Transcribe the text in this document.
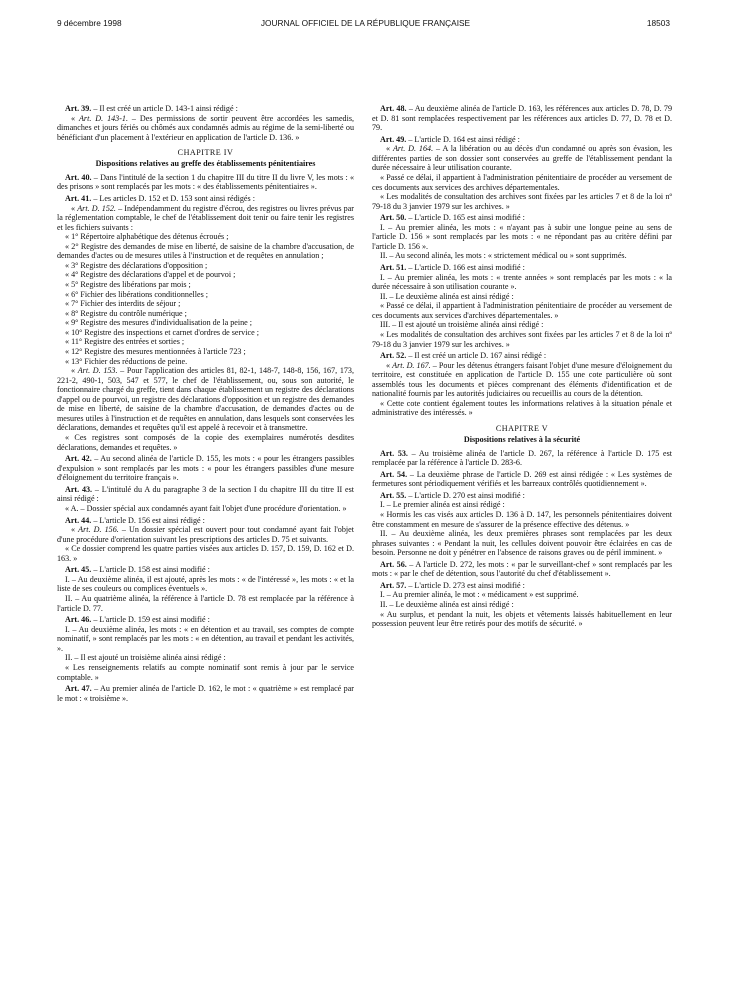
9 décembre 1998	JOURNAL OFFICIEL DE LA RÉPUBLIQUE FRANÇAISE	18503

Art. 39. – Il est créé un article D. 143-1 ainsi rédigé :

« Art. D. 143-1. – Des permissions de sortir peuvent être accordées les samedis, dimanches et jours fériés ou chômés aux condamnés admis au régime de la semi-liberté ou bénéficiant d'un placement à l'extérieur en application de l'article D. 136. »

CHAPITRE IV
Dispositions relatives au greffe des établissements pénitentiaires

Art. 40. – Dans l'intitulé de la section 1 du chapitre III du titre II du livre V, les mots : « des prisons » sont remplacés par les mots : « des établissements pénitentiaires ».

Art. 41. – Les articles D. 152 et D. 153 sont ainsi rédigés :

« Art. D. 152. – Indépendamment du registre d'écrou, des registres ou livres prévus par la réglementation comptable, le chef de l'établissement doit tenir ou faire tenir les registres et les fichiers suivants :

« 1° Répertoire alphabétique des détenus écroués ;

« 2° Registre des demandes de mise en liberté, de saisine de la chambre d'accusation, de demandes d'actes ou de mesures utiles à l'instruction et de requêtes en annulation ;

« 3° Registre des déclarations d'opposition ;

« 4° Registre des déclarations d'appel et de pourvoi ;

« 5° Registre des libérations par mois ;

« 6° Fichier des libérations conditionnelles ;

« 7° Fichier des interdits de séjour ;

« 8° Registre du contrôle numérique ;

« 9° Registre des mesures d'individualisation de la peine ;

« 10° Registre des inspections et carnet d'ordres de service ;

« 11° Registre des entrées et sorties ;

« 12° Registre des mesures mentionnées à l'article 723 ;

« 13° Fichier des réductions de peine.

« Art. D. 153. – Pour l'application des articles 81, 82-1, 148-7, 148-8, 156, 167, 173, 221-2, 490-1, 503, 547 et 577, le chef de l'établissement, ou, sous son autorité, le fonctionnaire chargé du greffe, tient dans chaque établissement un registre des déclarations d'appel ou de pourvoi, un registre des déclarations d'opposition et un registre des demandes de mise en liberté, de saisine de la chambre d'accusation, de demandes d'actes ou de mesures utiles à l'instruction et de requêtes en annulation, dans lesquels sont conservées les déclarations, demandes et requêtes qu'il est appelé à recevoir et à transmettre.

« Ces registres sont composés de la copie des exemplaires numérotés desdites déclarations, demandes et requêtes. »

Art. 42. – Au second alinéa de l'article D. 155, les mots : « pour les étrangers passibles d'expulsion » sont remplacés par les mots : « pour les étrangers passibles d'une mesure d'éloignement du territoire français ».

Art. 43. – L'intitulé du A du paragraphe 3 de la section I du chapitre III du titre II est ainsi rédigé :

« A. – Dossier spécial aux condamnés ayant fait l'objet d'une procédure d'orientation. »

Art. 44. – L'article D. 156 est ainsi rédigé :

« Art. D. 156. – Un dossier spécial est ouvert pour tout condamné ayant fait l'objet d'une procédure d'orientation suivant les prescriptions des articles D. 75 et suivants.

« Ce dossier comprend les quatre parties visées aux articles D. 157, D. 159, D. 162 et D. 163. »

Art. 45. – L'article D. 158 est ainsi modifié :

I. – Au deuxième alinéa, il est ajouté, après les mots : « de l'intéressé », les mots : « et la liste de ses couleurs ou complices éventuels ».

II. – Au quatrième alinéa, la référence à l'article D. 78 est remplacée par la référence à l'article D. 77.

Art. 46. – L'article D. 159 est ainsi modifié :

I. – Au deuxième alinéa, les mots : « en détention et au travail, ses comptes de compte nominatif, » sont remplacés par les mots : « en détention, au travail et pendant les activités, ».

II. – Il est ajouté un troisième alinéa ainsi rédigé :

« Les renseignements relatifs au compte nominatif sont remis à jour par le service comptable. »

Art. 47. – Au premier alinéa de l'article D. 162, le mot : « quatrième » est remplacé par le mot : « troisième ».

Art. 48. – Au deuxième alinéa de l'article D. 163, les références aux articles D. 78, D. 79 et D. 81 sont remplacées respectivement par les références aux articles D. 77, D. 78 et D. 79.

Art. 49. – L'article D. 164 est ainsi rédigé :

« Art. D. 164. – A la libération ou au décès d'un condamné ou après son évasion, les différentes parties de son dossier sont conservées au greffe de l'établissement pendant la durée nécessaire à leur utilisation courante.

« Passé ce délai, il appartient à l'administration pénitentiaire de procéder au versement de ces documents aux services des archives départementales.

« Les modalités de consultation des archives sont fixées par les articles 7 et 8 de la loi nº 79-18 du 3 janvier 1979 sur les archives. »

Art. 50. – L'article D. 165 est ainsi modifié :

I. – Au premier alinéa, les mots : « n'ayant pas à subir une longue peine au sens de l'article D. 156 » sont remplacés par les mots : « ne répondant pas au critère défini par l'article D. 156 ».

II. – Au second alinéa, les mots : « strictement médical ou » sont supprimés.

Art. 51. – L'article D. 166 est ainsi modifié :

I. – Au premier alinéa, les mots : « trente années » sont remplacés par les mots : « la durée nécessaire à son utilisation courante ».

II. – Le deuxième alinéa est ainsi rédigé :

« Passé ce délai, il appartient à l'administration pénitentiaire de procéder au versement de ces documents aux services d'archives départementales. »

III. – Il est ajouté un troisième alinéa ainsi rédigé :

« Les modalités de consultation des archives sont fixées par les articles 7 et 8 de la loi nº 79-18 du 3 janvier 1979 sur les archives. »

Art. 52. – Il est créé un article D. 167 ainsi rédigé :

« Art. D. 167. – Pour les détenus étrangers faisant l'objet d'une mesure d'éloignement du territoire, est constituée en application de l'article D. 155 une cote particulière où sont assemblés tous les documents et pièces comprenant des éléments d'identification et de nationalité fournis par les autorités judiciaires ou recueillis au cours de la détention.

« Cette cote contient également toutes les informations relatives à la situation pénale et administrative des intéressés. »

CHAPITRE V
Dispositions relatives à la sécurité

Art. 53. – Au troisième alinéa de l'article D. 267, la référence à l'article D. 175 est remplacée par la référence à l'article D. 283-6.

Art. 54. – La deuxième phrase de l'article D. 269 est ainsi rédigée : « Les systèmes de fermetures sont périodiquement vérifiés et les barreaux contrôlés quotidiennement ».

Art. 55. – L'article D. 270 est ainsi modifié :

I. – Le premier alinéa est ainsi rédigé :

« Hormis les cas visés aux articles D. 136 à D. 147, les personnels pénitentiaires doivent être constamment en mesure de s'assurer de la présence effective des détenus. »

II. – Au deuxième alinéa, les deux premières phrases sont remplacées par les deux phrases suivantes : « Pendant la nuit, les cellules doivent pouvoir être éclairées en cas de besoin. Personne ne doit y pénétrer en l'absence de raisons graves ou de péril imminent. »

Art. 56. – A l'article D. 272, les mots : « par le surveillant-chef » sont remplacés par les mots : « par le chef de détention, sous l'autorité du chef d'établissement ».

Art. 57. – L'article D. 273 est ainsi modifié :

I. – Au premier alinéa, le mot : « médicament » est supprimé.

II. – Le deuxième alinéa est ainsi rédigé :

« Au surplus, et pendant la nuit, les objets et vêtements laissés habituellement en leur possession peuvent leur être retirés pour des motifs de sécurité. »
